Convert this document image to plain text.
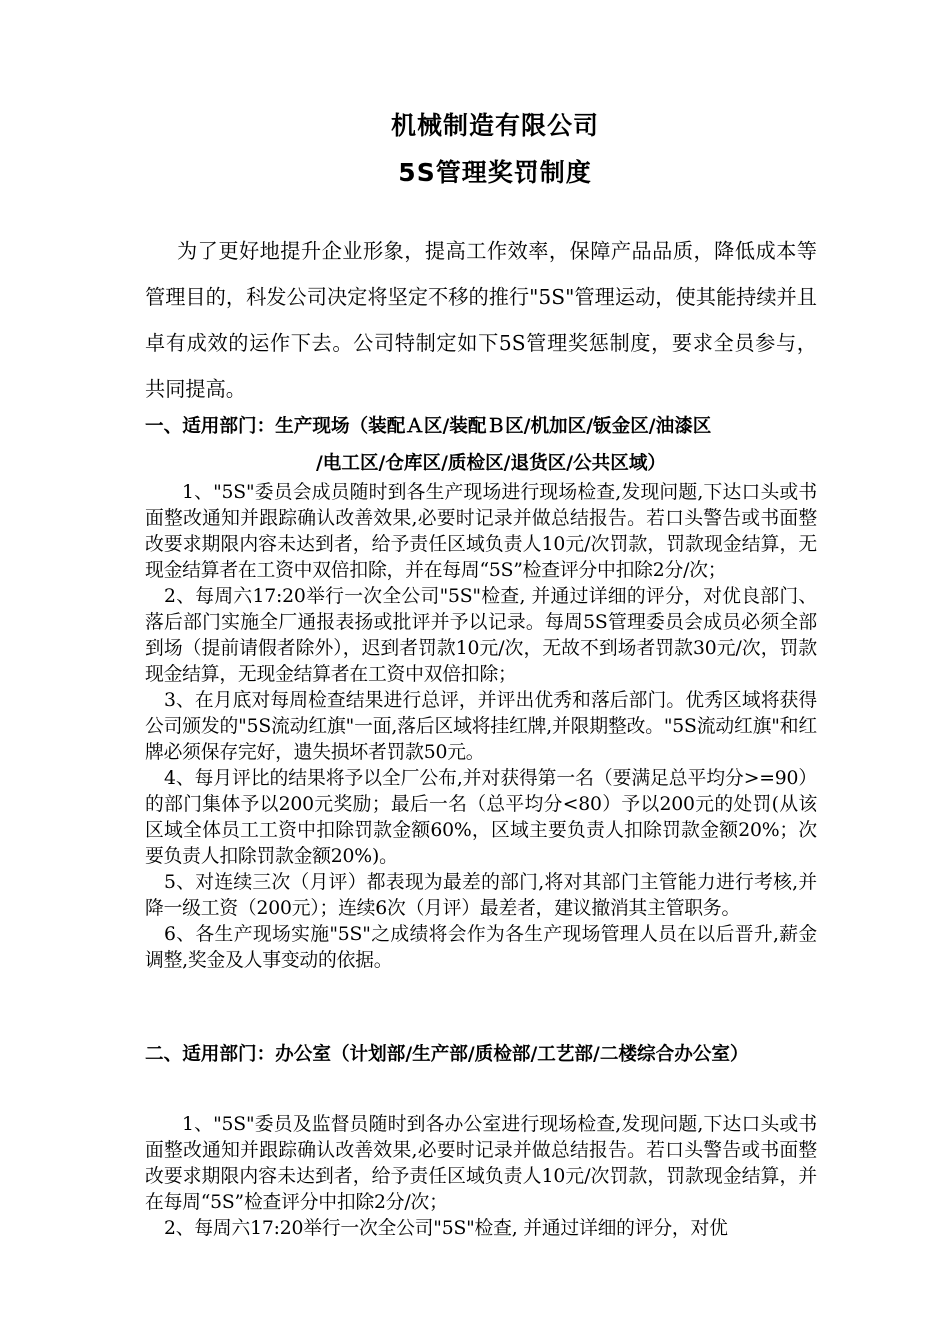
机械制造有限公司
5S管理奖罚制度
为了更好地提升企业形象，提高工作效率，保障产品品质，降低成本等管理目的，科发公司决定将坚定不移的推行"5S"管理运动，使其能持续并且卓有成效的运作下去。公司特制定如下5S管理奖惩制度，要求全员参与，共同提高。
一、适用部门：生产现场（装配Ａ区/装配Ｂ区/机加区/钣金区/油漆区
/电工区/仓库区/质检区/退货区/公共区域）

1、"5S"委员会成员随时到各生产现场进行现场检查,发现问题,下达口头或书面整改通知并跟踪确认改善效果,必要时记录并做总结报告。若口头警告或书面整改要求期限内容未达到者，给予责任区域负责人10元/次罚款，罚款现金结算，无现金结算者在工资中双倍扣除，并在每周“5S”检查评分中扣除2分/次；

2、每周六17:20举行一次全公司"5S"检查, 并通过详细的评分，对优良部门、落后部门实施全厂通报表扬或批评并予以记录。每周5S管理委员会成员必须全部到场（提前请假者除外），迟到者罚款10元/次，无故不到场者罚款30元/次，罚款现金结算，无现金结算者在工资中双倍扣除；

3、在月底对每周检查结果进行总评，并评出优秀和落后部门。优秀区域将获得公司颁发的"5S流动红旗"一面,落后区域将挂红牌,并限期整改。"5S流动红旗"和红牌必须保存完好，遗失损坏者罚款50元。

4、每月评比的结果将予以全厂公布,并对获得第一名（要满足总平均分>=90）的部门集体予以200元奖励；最后一名（总平均分<80）予以200元的处罚(从该区域全体员工工资中扣除罚款金额60%，区域主要负责人扣除罚款金额20%；次要负责人扣除罚款金额20%)。

5、对连续三次（月评）都表现为最差的部门,将对其部门主管能力进行考核,并降一级工资（200元）；连续6次（月评）最差者，建议撤消其主管职务。

6、各生产现场实施"5S"之成绩将会作为各生产现场管理人员在以后晋升,薪金调整,奖金及人事变动的依据。

二、适用部门：办公室（计划部/生产部/质检部/工艺部/二楼综合办公室）

1、"5S"委员及监督员随时到各办公室进行现场检查,发现问题,下达口头或书面整改通知并跟踪确认改善效果,必要时记录并做总结报告。若口头警告或书面整改要求期限内容未达到者，给予责任区域负责人10元/次罚款，罚款现金结算，并在每周“5S”检查评分中扣除2分/次；

2、每周六17:20举行一次全公司"5S"检查, 并通过详细的评分，对优
